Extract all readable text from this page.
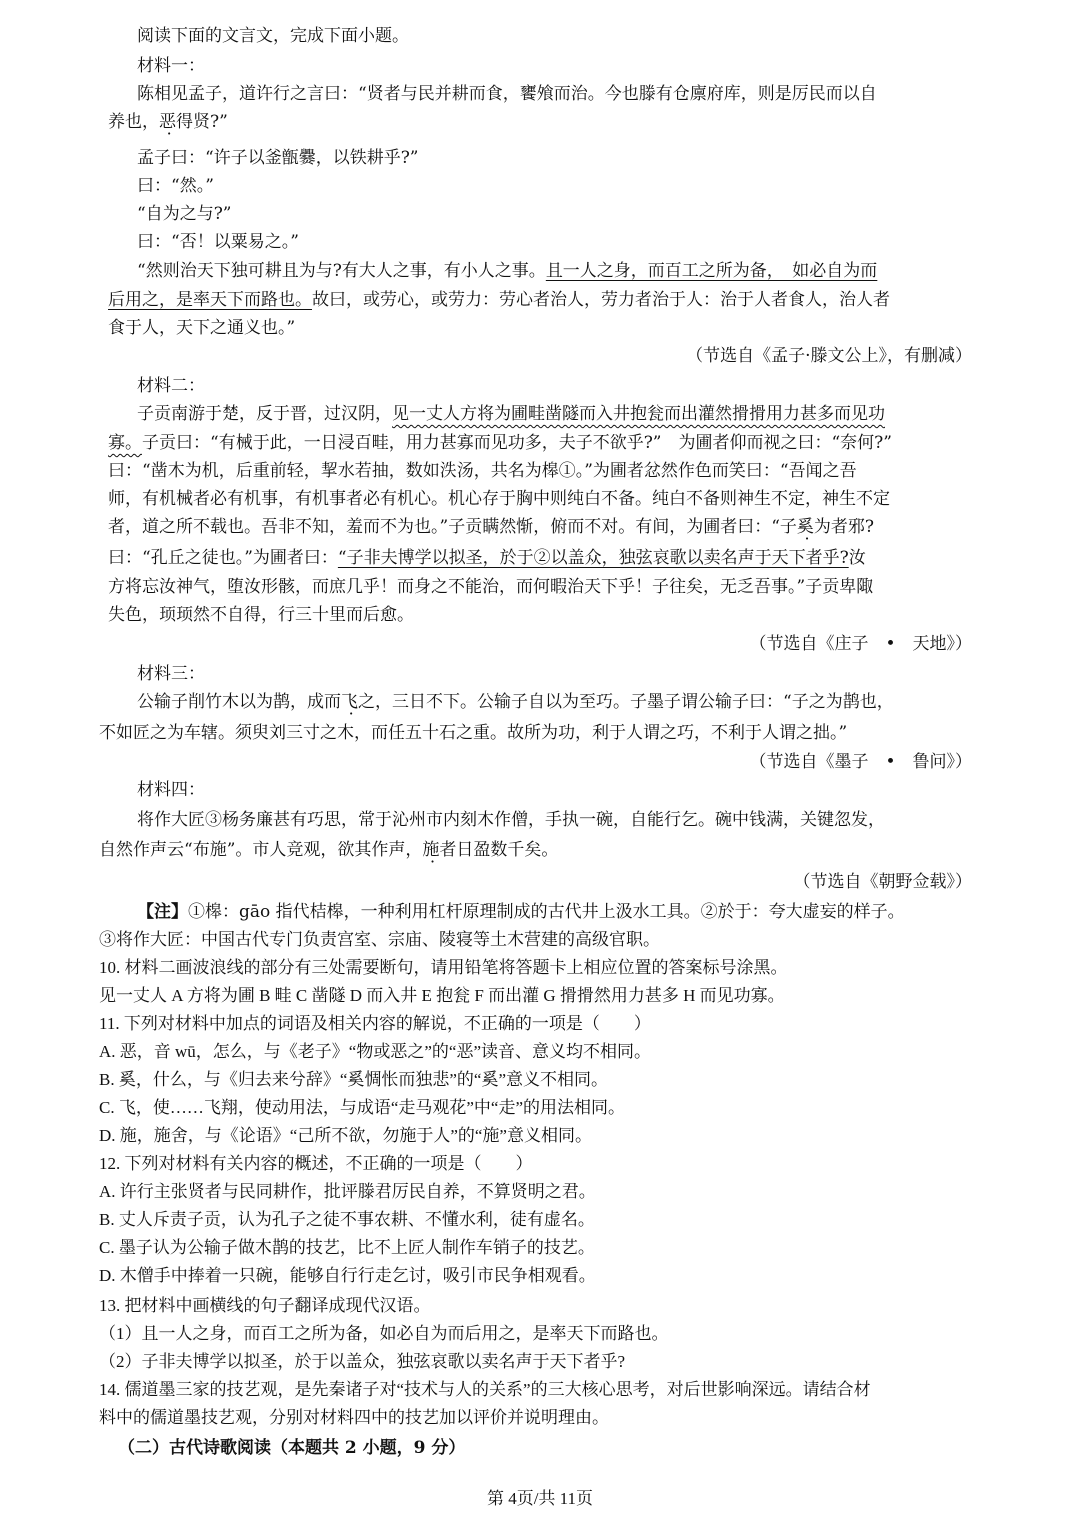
阅读下面的文言文，完成下面小题。
材料一：
陈相见孟子，道许行之言曰：“贤者与民并耕而食，饔飧而治。今也滕有仓廪府库，则是厉民而以自
养也，恶得贤?”
孟子曰：“许子以釜甑爨，以铁耕乎?”
曰：“然。”
“自为之与?”
曰：“否！以粟易之。”
“然则治天下独可耕且为与?有大人之事，有小人之事。且一人之身，而百工之所为备，　如必自为而
后用之，是率天下而路也。故曰，或劳心，或劳力：劳心者治人，劳力者治于人：治于人者食人，治人者
食于人，天下之通义也。”
（节选自《孟子·滕文公上》，有删减）
材料二：
子贡南游于楚，反于晋，过汉阴，见一丈人方将为圃畦凿隧而入井抱瓮而出灌然搰搰用力甚多而见功
寡。子贡曰：“有械于此，一日浸百畦，用力甚寡而见功多，夫子不欲乎?”　为圃者仰而视之曰：“奈何?”
曰：“凿木为机，后重前轻，挈水若抽，数如泆汤，共名为槔①。”为圃者忿然作色而笑曰：“吾闻之吾
师，有机械者必有机事，有机事者必有机心。机心存于胸中则纯白不备。纯白不备则神生不定，神生不定
者，道之所不载也。吾非不知，羞而不为也。”子贡瞒然惭，俯而不对。有间，为圃者曰：“子奚为者邪?
曰：“孔丘之徒也。”为圃者曰：“子非夫博学以拟圣，於于②以盖众，独弦哀歌以卖名声于天下者乎?汝
方将忘汝神气，堕汝形骸，而庶几乎！而身之不能治，而何暇治天下乎！子往矣，无乏吾事。”子贡卑陬
失色，顼顼然不自得，行三十里而后愈。
（节选自《庄子　•　天地》）
材料三：
公输子削竹木以为鹊，成而飞之，三日不下。公输子自以为至巧。子墨子谓公输子曰：“子之为鹊也，
不如匠之为车辖。须臾刘三寸之木，而任五十石之重。故所为功，利于人谓之巧，不利于人谓之拙。”
（节选自《墨子　•　鲁问》）
材料四：
将作大匠③杨务廉甚有巧思，常于沁州市内刻木作僧，手执一碗，自能行乞。碗中钱满，关键忽发，
自然作声云“布施”。市人竞观，欲其作声，施者日盈数千矣。
（节选自《朝野佥载》）
【注】①槔：gāo 指代桔槔，一种利用杠杆原理制成的古代井上汲水工具。②於于：夸大虚妄的样子。
③将作大匠：中国古代专门负责宫室、宗庙、陵寝等土木营建的高级官职。
10. 材料二画波浪线的部分有三处需要断句，请用铅笔将答题卡上相应位置的答案标号涂黑。
见一丈人 A 方将为圃 B 畦 C 凿隧 D 而入井 E 抱瓮 F 而出灌 G 搰搰然用力甚多 H 而见功寡。
11. 下列对材料中加点的词语及相关内容的解说，不正确的一项是（　　）
A. 恶，音 wū，怎么，与《老子》“物或恶之”的“恶”读音、意义均不相同。
B. 奚，什么，与《归去来兮辞》“奚惆怅而独悲”的“奚”意义不相同。
C. 飞，使……飞翔，使动用法，与成语“走马观花”中“走”的用法相同。
D. 施，施舍，与《论语》“己所不欲，勿施于人”的“施”意义相同。
12. 下列对材料有关内容的概述，不正确的一项是（　　）
A. 许行主张贤者与民同耕作，批评滕君厉民自养，不算贤明之君。
B. 丈人斥责子贡，认为孔子之徒不事农耕、不懂水利，徒有虚名。
C. 墨子认为公输子做木鹊的技艺，比不上匠人制作车销子的技艺。
D. 木僧手中捧着一只碗，能够自行行走乞讨，吸引市民争相观看。
13. 把材料中画横线的句子翻译成现代汉语。
（1）且一人之身，而百工之所为备，如必自为而后用之，是率天下而路也。
（2）子非夫博学以拟圣，於于以盖众，独弦哀歌以卖名声于天下者乎?
14. 儒道墨三家的技艺观，是先秦诸子对“技术与人的关系”的三大核心思考，对后世影响深远。请结合材
料中的儒道墨技艺观，分别对材料四中的技艺加以评价并说明理由。
（二）古代诗歌阅读（本题共 2 小题，9 分）
第 4页/共 11页
